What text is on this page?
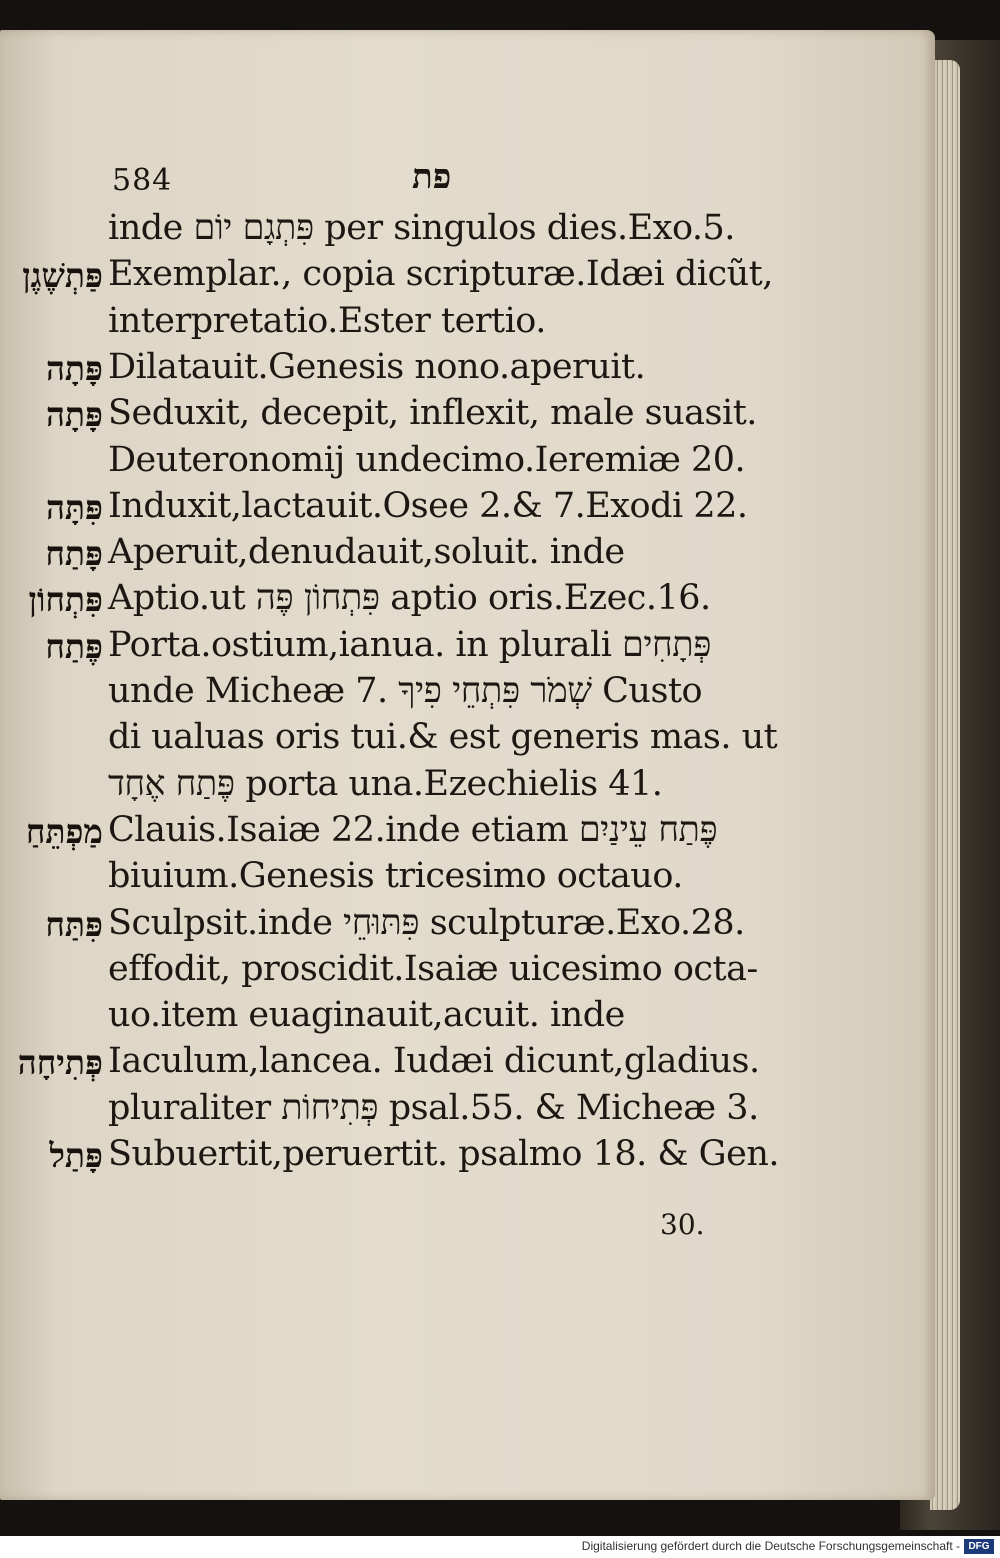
584	פת
inde פִּתְגָם יוֹם per singulos dies.Exo.5.
פַּתְשֶׁגֶן Exemplar., copia scripturæ.Idæi dicũt,
interpretatio.Ester tertio.
פָּתָה Dilatauit.Genesis nono.aperuit.
פָּתָה Seduxit, decepit, inflexit, male suasit.
Deuteronomij undecimo.Ieremiæ 20.
פִּתָּה Induxit,lactauit.Osee 2.& 7.Exodi 22.
פָּתַח Aperuit,denudauit,soluit. inde
פִּתְחוֹן Aptio.ut פִּתְחוֹן פֶּה aptio oris.Ezec.16.
פֶּתַח Porta.ostium,ianua. in plurali פְּתָחִים
unde Micheæ 7. שְׁמֹר פִּתְחֵי פִיךָ Custo
di ualuas oris tui.& est generis mas. ut
פֶּתַח אֶחָד porta una.Ezechielis 41.
מַפְתֵּחַ Clauis.Isaiæ 22.inde etiam פֶּתַח עֵינַיִם
biuium.Genesis tricesimo octauo.
פִּתַּח Sculpsit.inde פִּתּוּחֵי sculpturæ.Exo.28.
effodit, proscidit.Isaiæ uicesimo octa-
uo.item euaginauit,acuit. inde
פְּתִיחָה Iaculum,lancea. Iudæi dicunt,gladius.
pluraliter פְּתִיחוֹת psal.55. & Micheæ 3.
פָּתַל Subuertit,peruertit. psalmo 18. & Gen.
30.
Digitalisierung gefördert durch die Deutsche Forschungsgemeinschaft - DFG
